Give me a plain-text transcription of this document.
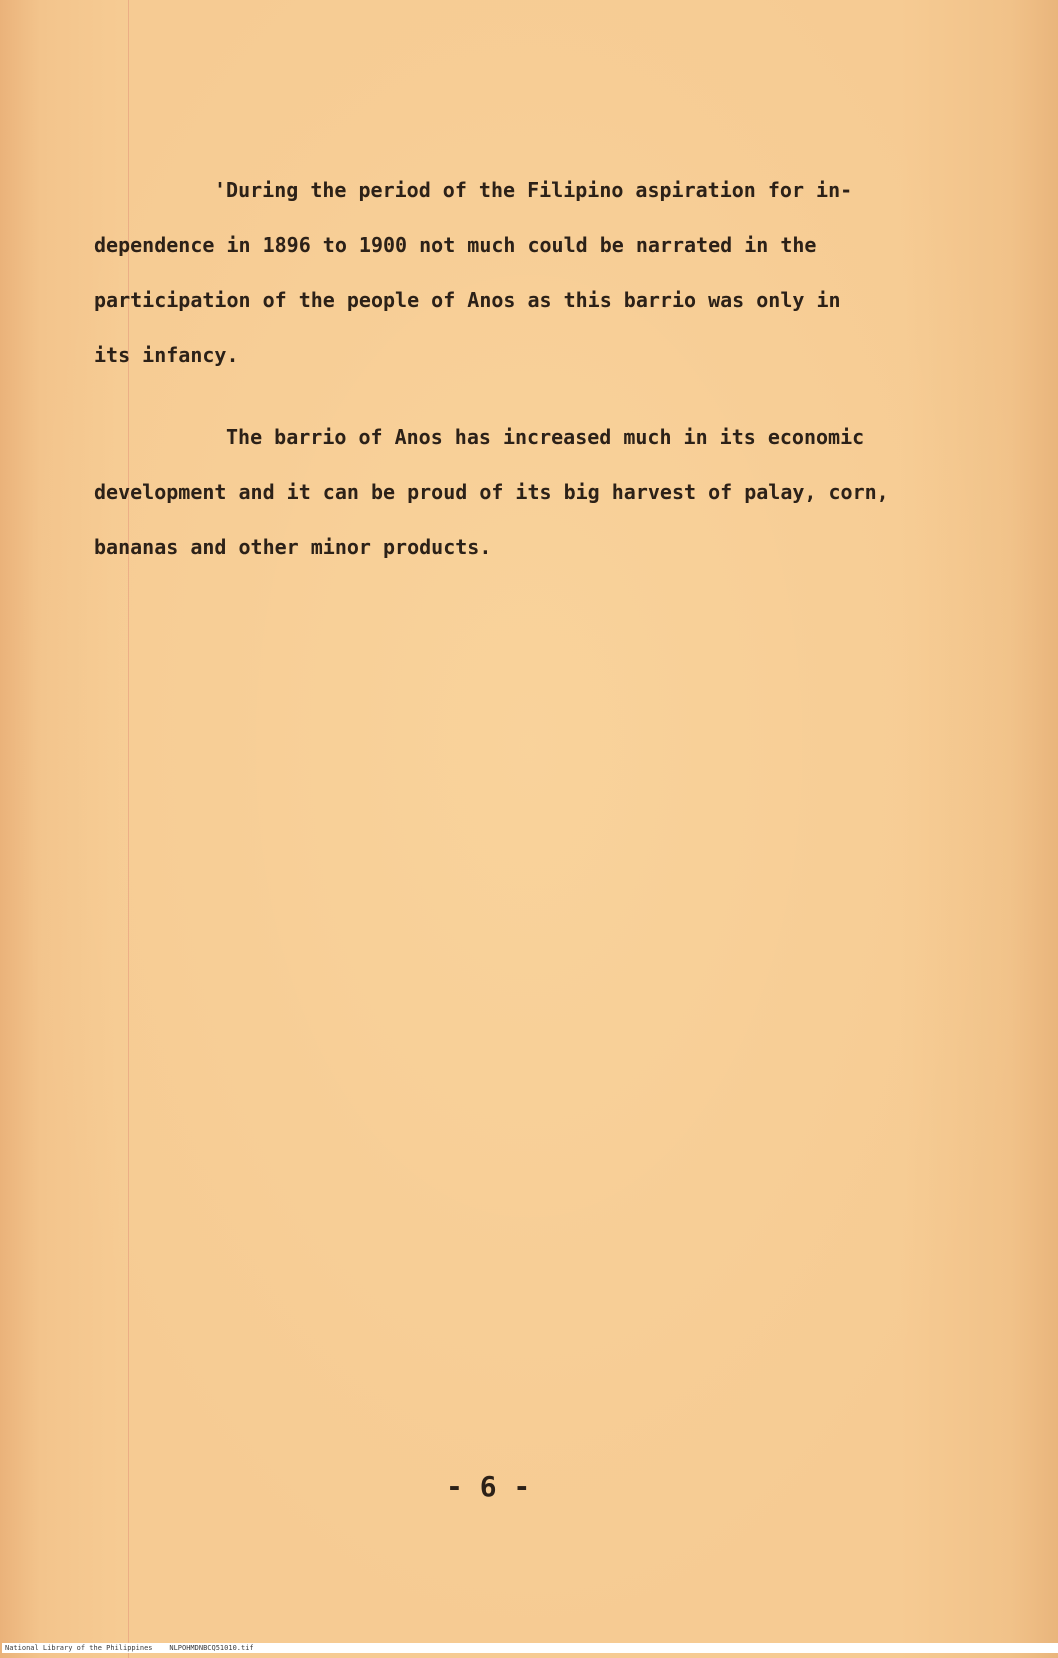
'During the period of the Filipino aspiration for in-
dependence in 1896 to 1900 not much could be narrated in the
participation of the people of Anos as this barrio was only in
its infancy.
The barrio of Anos has increased much in its economic
development and it can be proud of its big harvest of palay, corn,
bananas and other minor products.
- 6 -
National Library of the Philippines    NLPOHMDNBCQ51010.tif
